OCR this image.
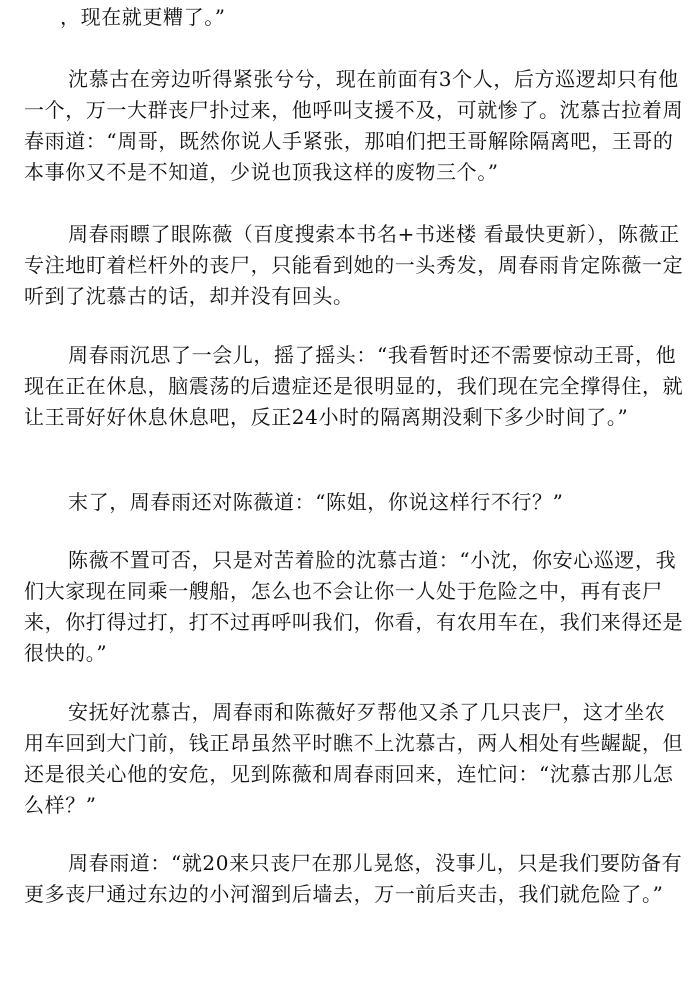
，现在就更糟了。”

沈慕古在旁边听得紧张兮兮，现在前面有3个人，后方巡逻却只有他一个，万一大群丧尸扑过来，他呼叫支援不及，可就惨了。沈慕古拉着周春雨道：“周哥，既然你说人手紧张，那咱们把王哥解除隔离吧，王哥的本事你又不是不知道，少说也顶我这样的废物三个。”

周春雨瞟了眼陈薇（百度搜索本书名+书迷楼 看最快更新），陈薇正专注地盯着栏杆外的丧尸，只能看到她的一头秀发，周春雨肯定陈薇一定听到了沈慕古的话，却并没有回头。

周春雨沉思了一会儿，摇了摇头：“我看暂时还不需要惊动王哥，他现在正在休息，脑震荡的后遗症还是很明显的，我们现在完全撑得住，就让王哥好好休息休息吧，反正24小时的隔离期没剩下多少时间了。”

末了，周春雨还对陈薇道：“陈姐，你说这样行不行？”

陈薇不置可否，只是对苦着脸的沈慕古道：“小沈，你安心巡逻，我们大家现在同乘一艘船，怎么也不会让你一人处于危险之中，再有丧尸来，你打得过打，打不过再呼叫我们，你看，有农用车在，我们来得还是很快的。”

安抚好沈慕古，周春雨和陈薇好歹帮他又杀了几只丧尸，这才坐农用车回到大门前，钱正昂虽然平时瞧不上沈慕古，两人相处有些龌龊，但还是很关心他的安危，见到陈薇和周春雨回来，连忙问：“沈慕古那儿怎么样？”

周春雨道：“就20来只丧尸在那儿晃悠，没事儿，只是我们要防备有更多丧尸通过东边的小河溜到后墙去，万一前后夹击，我们就危险了。”
